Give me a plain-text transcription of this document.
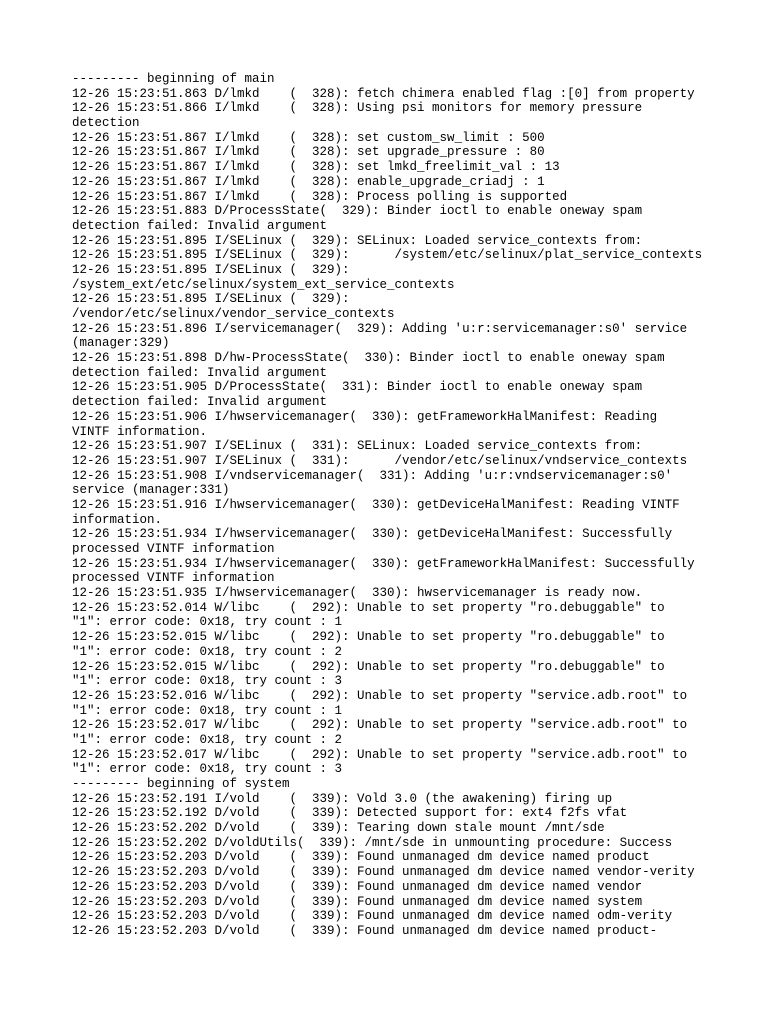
--------- beginning of main
12-26 15:23:51.863 D/lmkd    (  328): fetch chimera enabled flag :[0] from property
12-26 15:23:51.866 I/lmkd    (  328): Using psi monitors for memory pressure
detection
12-26 15:23:51.867 I/lmkd    (  328): set custom_sw_limit : 500
12-26 15:23:51.867 I/lmkd    (  328): set upgrade_pressure : 80
12-26 15:23:51.867 I/lmkd    (  328): set lmkd_freelimit_val : 13
12-26 15:23:51.867 I/lmkd    (  328): enable_upgrade_criadj : 1
12-26 15:23:51.867 I/lmkd    (  328): Process polling is supported
12-26 15:23:51.883 D/ProcessState(  329): Binder ioctl to enable oneway spam
detection failed: Invalid argument
12-26 15:23:51.895 I/SELinux (  329): SELinux: Loaded service_contexts from:
12-26 15:23:51.895 I/SELinux (  329):      /system/etc/selinux/plat_service_contexts
12-26 15:23:51.895 I/SELinux (  329):
/system_ext/etc/selinux/system_ext_service_contexts
12-26 15:23:51.895 I/SELinux (  329):
/vendor/etc/selinux/vendor_service_contexts
12-26 15:23:51.896 I/servicemanager(  329): Adding 'u:r:servicemanager:s0' service
(manager:329)
12-26 15:23:51.898 D/hw-ProcessState(  330): Binder ioctl to enable oneway spam
detection failed: Invalid argument
12-26 15:23:51.905 D/ProcessState(  331): Binder ioctl to enable oneway spam
detection failed: Invalid argument
12-26 15:23:51.906 I/hwservicemanager(  330): getFrameworkHalManifest: Reading
VINTF information.
12-26 15:23:51.907 I/SELinux (  331): SELinux: Loaded service_contexts from:
12-26 15:23:51.907 I/SELinux (  331):      /vendor/etc/selinux/vndservice_contexts
12-26 15:23:51.908 I/vndservicemanager(  331): Adding 'u:r:vndservicemanager:s0'
service (manager:331)
12-26 15:23:51.916 I/hwservicemanager(  330): getDeviceHalManifest: Reading VINTF
information.
12-26 15:23:51.934 I/hwservicemanager(  330): getDeviceHalManifest: Successfully
processed VINTF information
12-26 15:23:51.934 I/hwservicemanager(  330): getFrameworkHalManifest: Successfully
processed VINTF information
12-26 15:23:51.935 I/hwservicemanager(  330): hwservicemanager is ready now.
12-26 15:23:52.014 W/libc    (  292): Unable to set property "ro.debuggable" to
"1": error code: 0x18, try count : 1
12-26 15:23:52.015 W/libc    (  292): Unable to set property "ro.debuggable" to
"1": error code: 0x18, try count : 2
12-26 15:23:52.015 W/libc    (  292): Unable to set property "ro.debuggable" to
"1": error code: 0x18, try count : 3
12-26 15:23:52.016 W/libc    (  292): Unable to set property "service.adb.root" to
"1": error code: 0x18, try count : 1
12-26 15:23:52.017 W/libc    (  292): Unable to set property "service.adb.root" to
"1": error code: 0x18, try count : 2
12-26 15:23:52.017 W/libc    (  292): Unable to set property "service.adb.root" to
"1": error code: 0x18, try count : 3
--------- beginning of system
12-26 15:23:52.191 I/vold    (  339): Vold 3.0 (the awakening) firing up
12-26 15:23:52.192 D/vold    (  339): Detected support for: ext4 f2fs vfat
12-26 15:23:52.202 D/vold    (  339): Tearing down stale mount /mnt/sde
12-26 15:23:52.202 D/voldUtils(  339): /mnt/sde in unmounting procedure: Success
12-26 15:23:52.203 D/vold    (  339): Found unmanaged dm device named product
12-26 15:23:52.203 D/vold    (  339): Found unmanaged dm device named vendor-verity
12-26 15:23:52.203 D/vold    (  339): Found unmanaged dm device named vendor
12-26 15:23:52.203 D/vold    (  339): Found unmanaged dm device named system
12-26 15:23:52.203 D/vold    (  339): Found unmanaged dm device named odm-verity
12-26 15:23:52.203 D/vold    (  339): Found unmanaged dm device named product-
